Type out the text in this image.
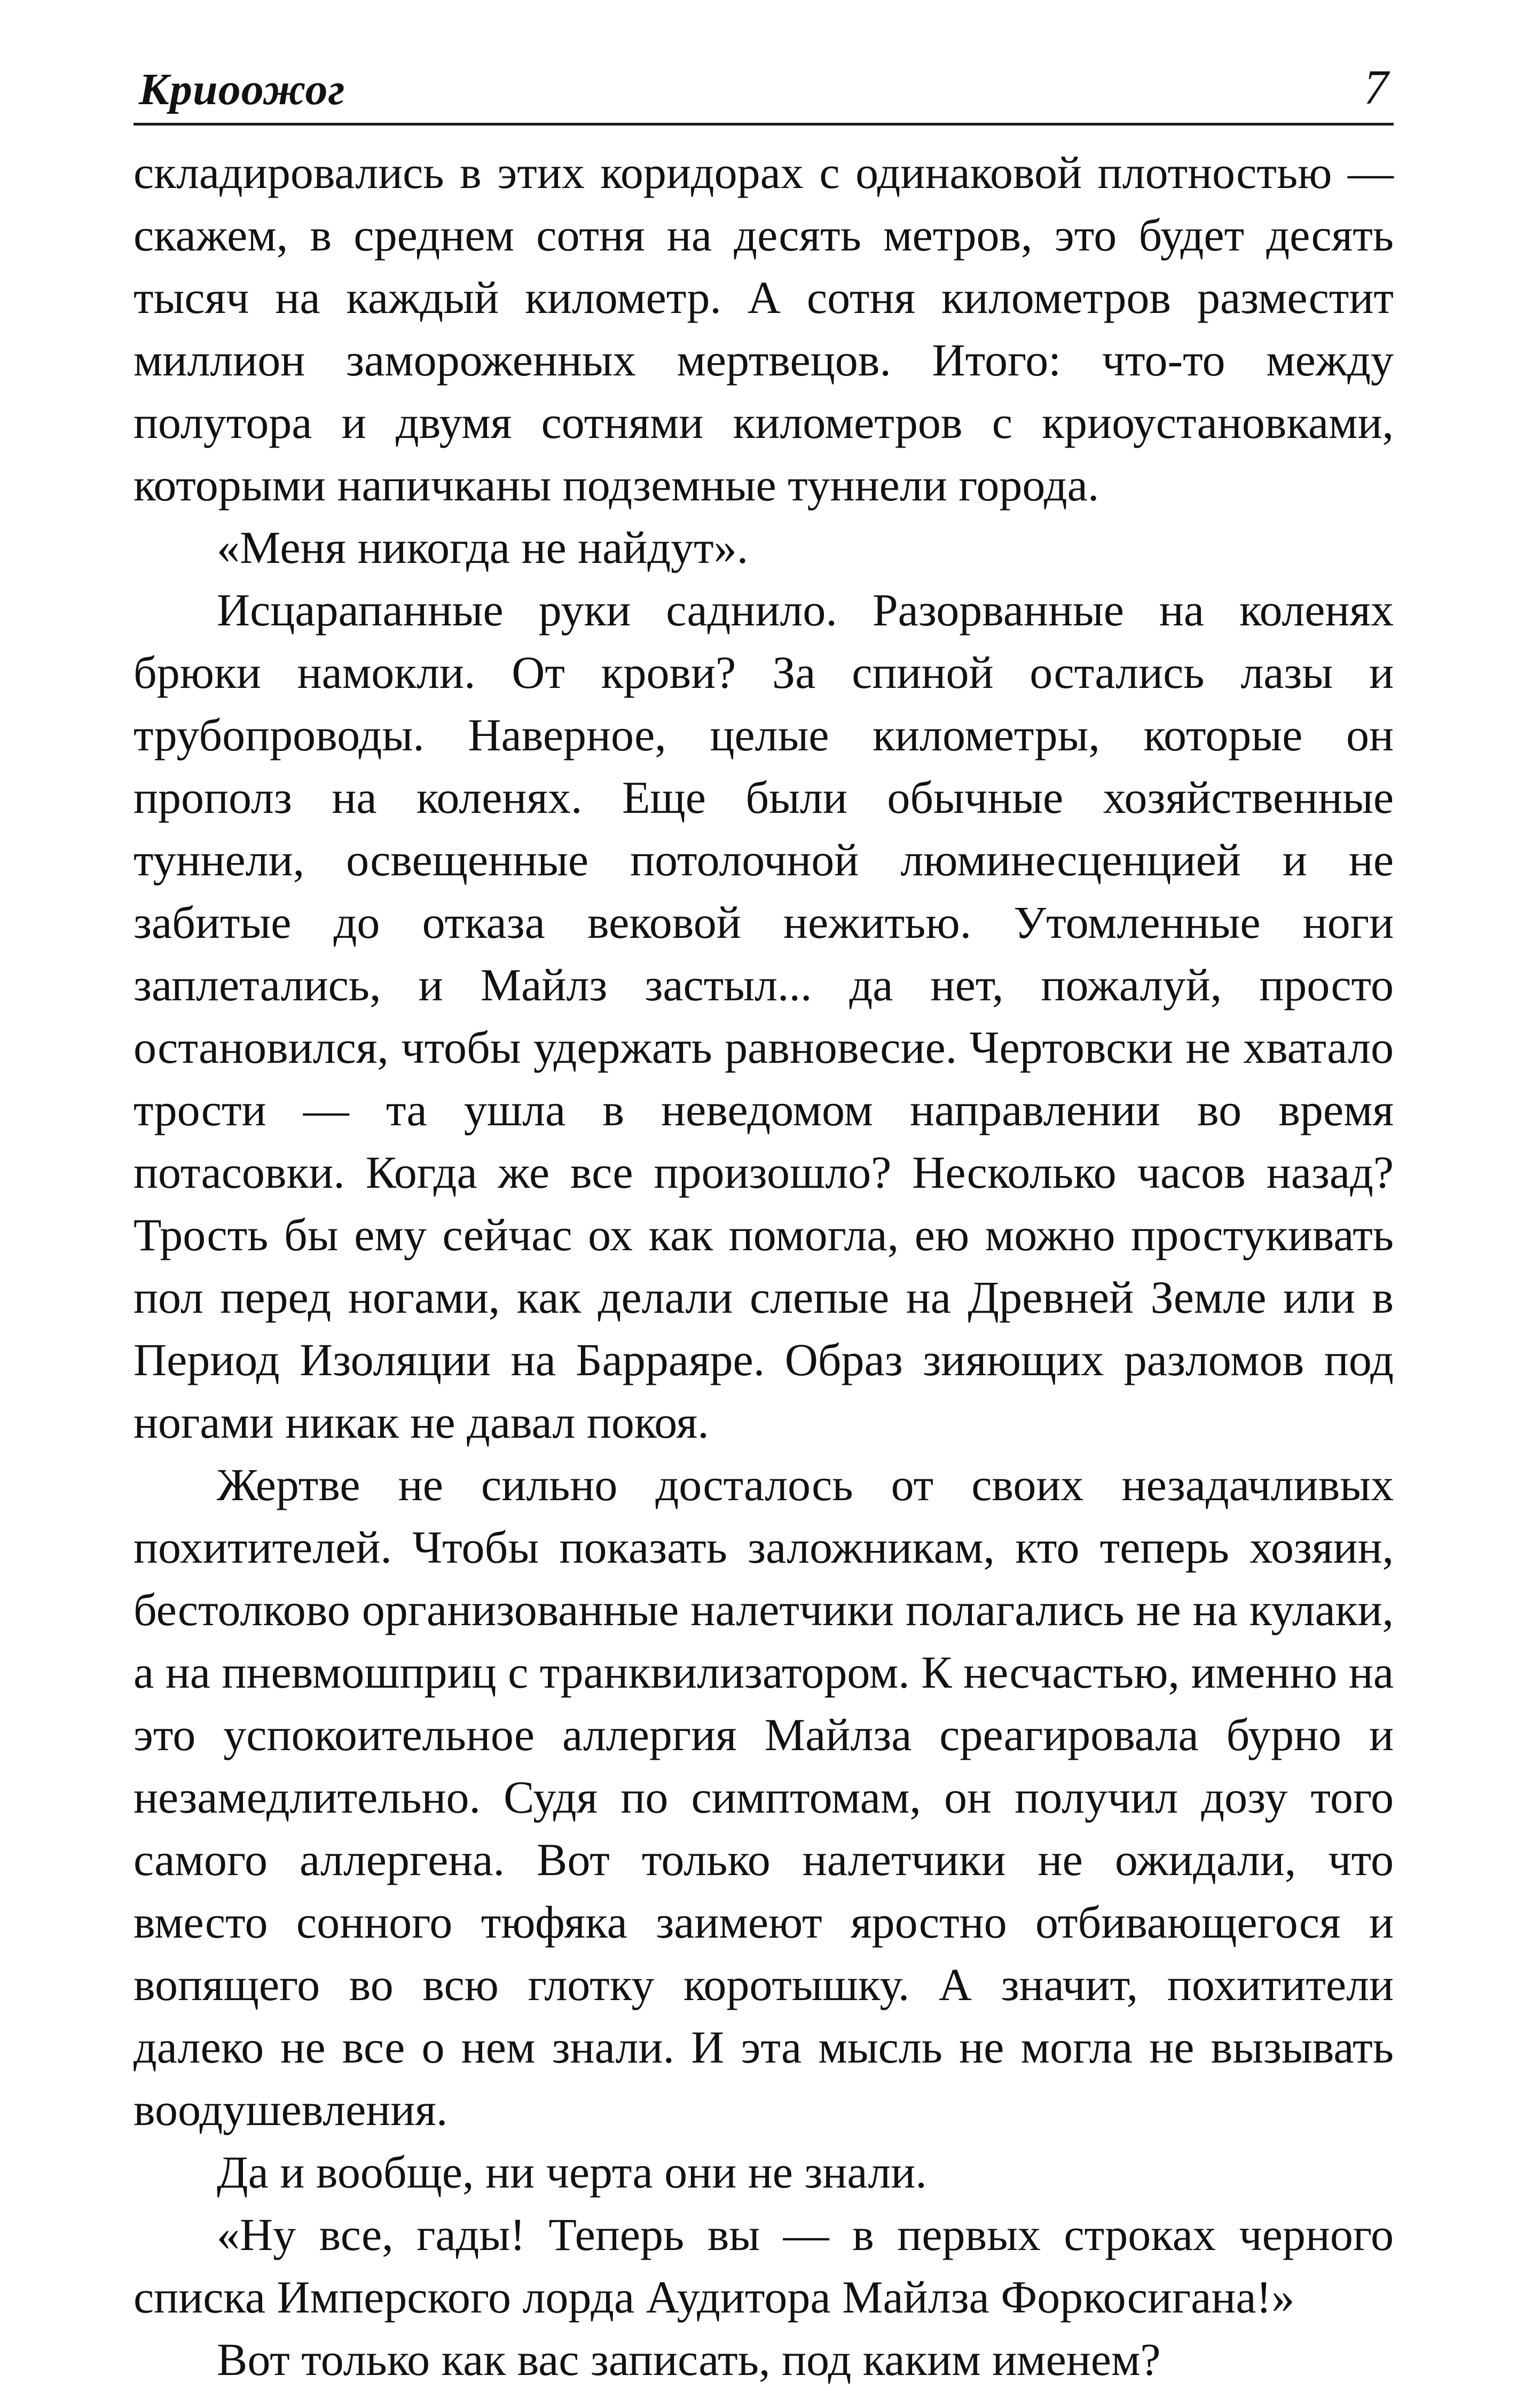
Криоожог	7

складировались в этих коридорах с одинаковой плотностью — скажем, в среднем сотня на десять метров, это будет десять тысяч на каждый километр. А сотня километров разместит миллион замороженных мертвецов. Итого: что-то между полутора и двумя сотнями километров с криоустановками, которыми напичканы подземные туннели города.

«Меня никогда не найдут».

Исцарапанные руки саднило. Разорванные на коленях брюки намокли. От крови? За спиной остались лазы и трубопроводы. Наверное, целые километры, которые он прополз на коленях. Еще были обычные хозяйственные туннели, освещенные потолочной люминесценцией и не забитые до отказа вековой нежитью. Утомленные ноги заплетались, и Майлз застыл... да нет, пожалуй, просто остановился, чтобы удержать равновесие. Чертовски не хватало трости — та ушла в неведомом направлении во время потасовки. Когда же все произошло? Несколько часов назад? Трость бы ему сейчас ох как помогла, ею можно простукивать пол перед ногами, как делали слепые на Древней Земле или в Период Изоляции на Барраяре. Образ зияющих разломов под ногами никак не давал покоя.

Жертве не сильно досталось от своих незадачливых похитителей. Чтобы показать заложникам, кто теперь хозяин, бестолково организованные налетчики полагались не на кулаки, а на пневмошприц с транквилизатором. К несчастью, именно на это успокоительное аллергия Майлза среагировала бурно и незамедлительно. Судя по симптомам, он получил дозу того самого аллергена. Вот только налетчики не ожидали, что вместо сонного тюфяка заимеют яростно отбивающегося и вопящего во всю глотку коротышку. А значит, похитители далеко не все о нем знали. И эта мысль не могла не вызывать воодушевления.

Да и вообще, ни черта они не знали.

«Ну все, гады! Теперь вы — в первых строках черного списка Имперского лорда Аудитора Майлза Форкосигана!»

Вот только как вас записать, под каким именем?
